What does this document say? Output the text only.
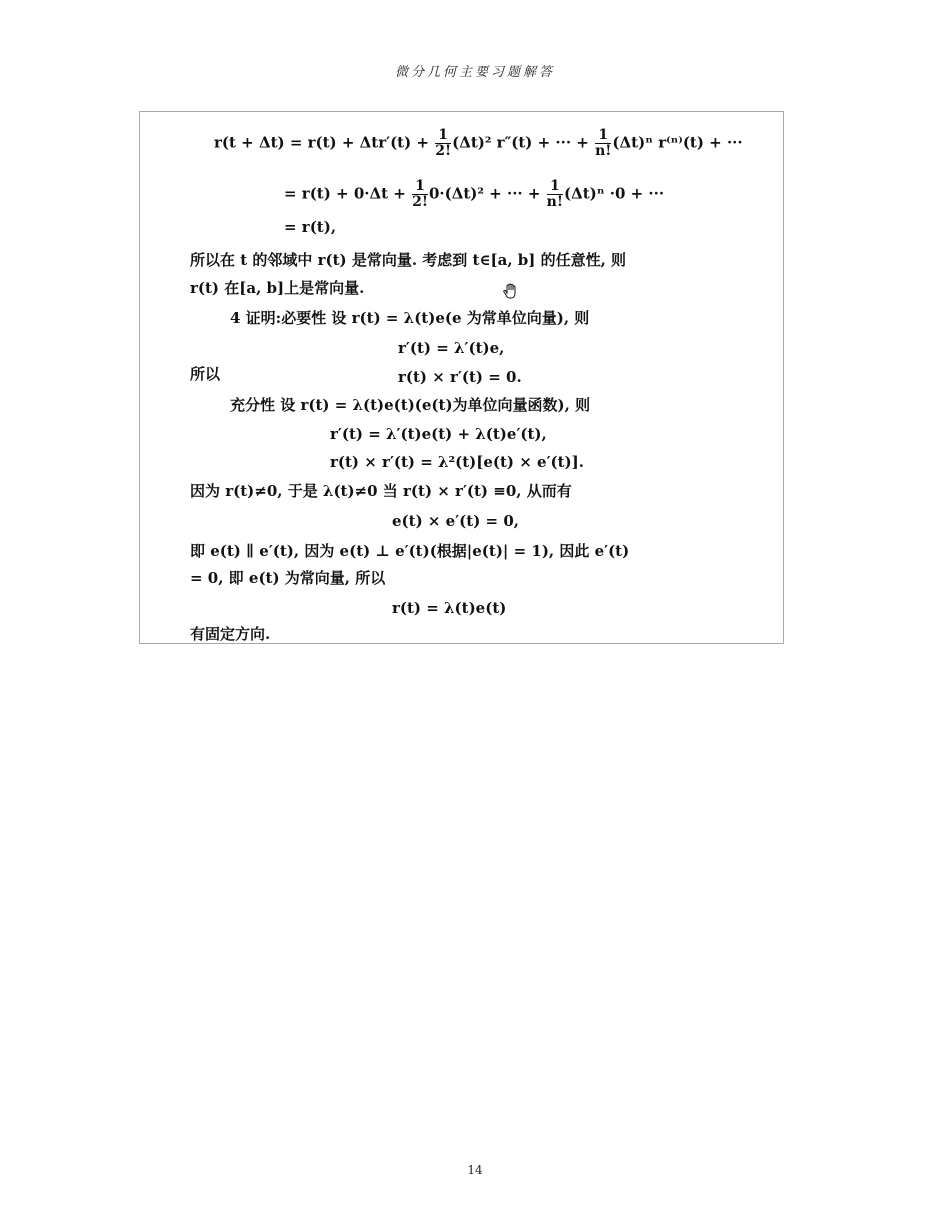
微分几何主要习题解答
$r(t + \Delta t) = r(t) + \Delta tr'(t) + \frac{1}{2!} (\Delta t)^2$ r″(t) + ··· + $\frac{1}{n!} (\Delta t)^n$ r⁽ⁿ⁾(t) + ···
= $r(t) + 0\cdot\Delta t + \frac{1}{2!} 0\cdot(\Delta t)^2$ + ··· + $\frac{1}{n!} (\Delta t)^n \cdot 0$ + ···
= r(t),
所以在 t 的邻域中 r(t) 是常向量. 考虑到 t∈[a, b] 的任意性, 则
r(t) 在[a, b]上是常向量.
4 证明:必要性 设 r(t) = λ(t)e(e 为常单位向量), 则
r′(t) = λ′(t)e,
所以	r(t) × r′(t) = 0.
充分性 设 r(t) = λ(t)e(t)(e(t)为单位向量函数), 则
r′(t) = λ′(t)e(t) + λ(t)e′(t),
r(t) × r′(t) = λ²(t)[e(t) × e′(t)].
因为 r(t)≠0, 于是 λ(t)≠0 当 r(t) × r′(t) ≡0, 从而有
e(t) × e′(t) = 0,
即 e(t) ∥ e′(t), 因为 e(t) ⊥ e′(t)(根据|e(t)| = 1), 因此 e′(t)
= 0, 即 e(t) 为常向量, 所以
r(t) = λ(t)e(t)
有固定方向.
14
